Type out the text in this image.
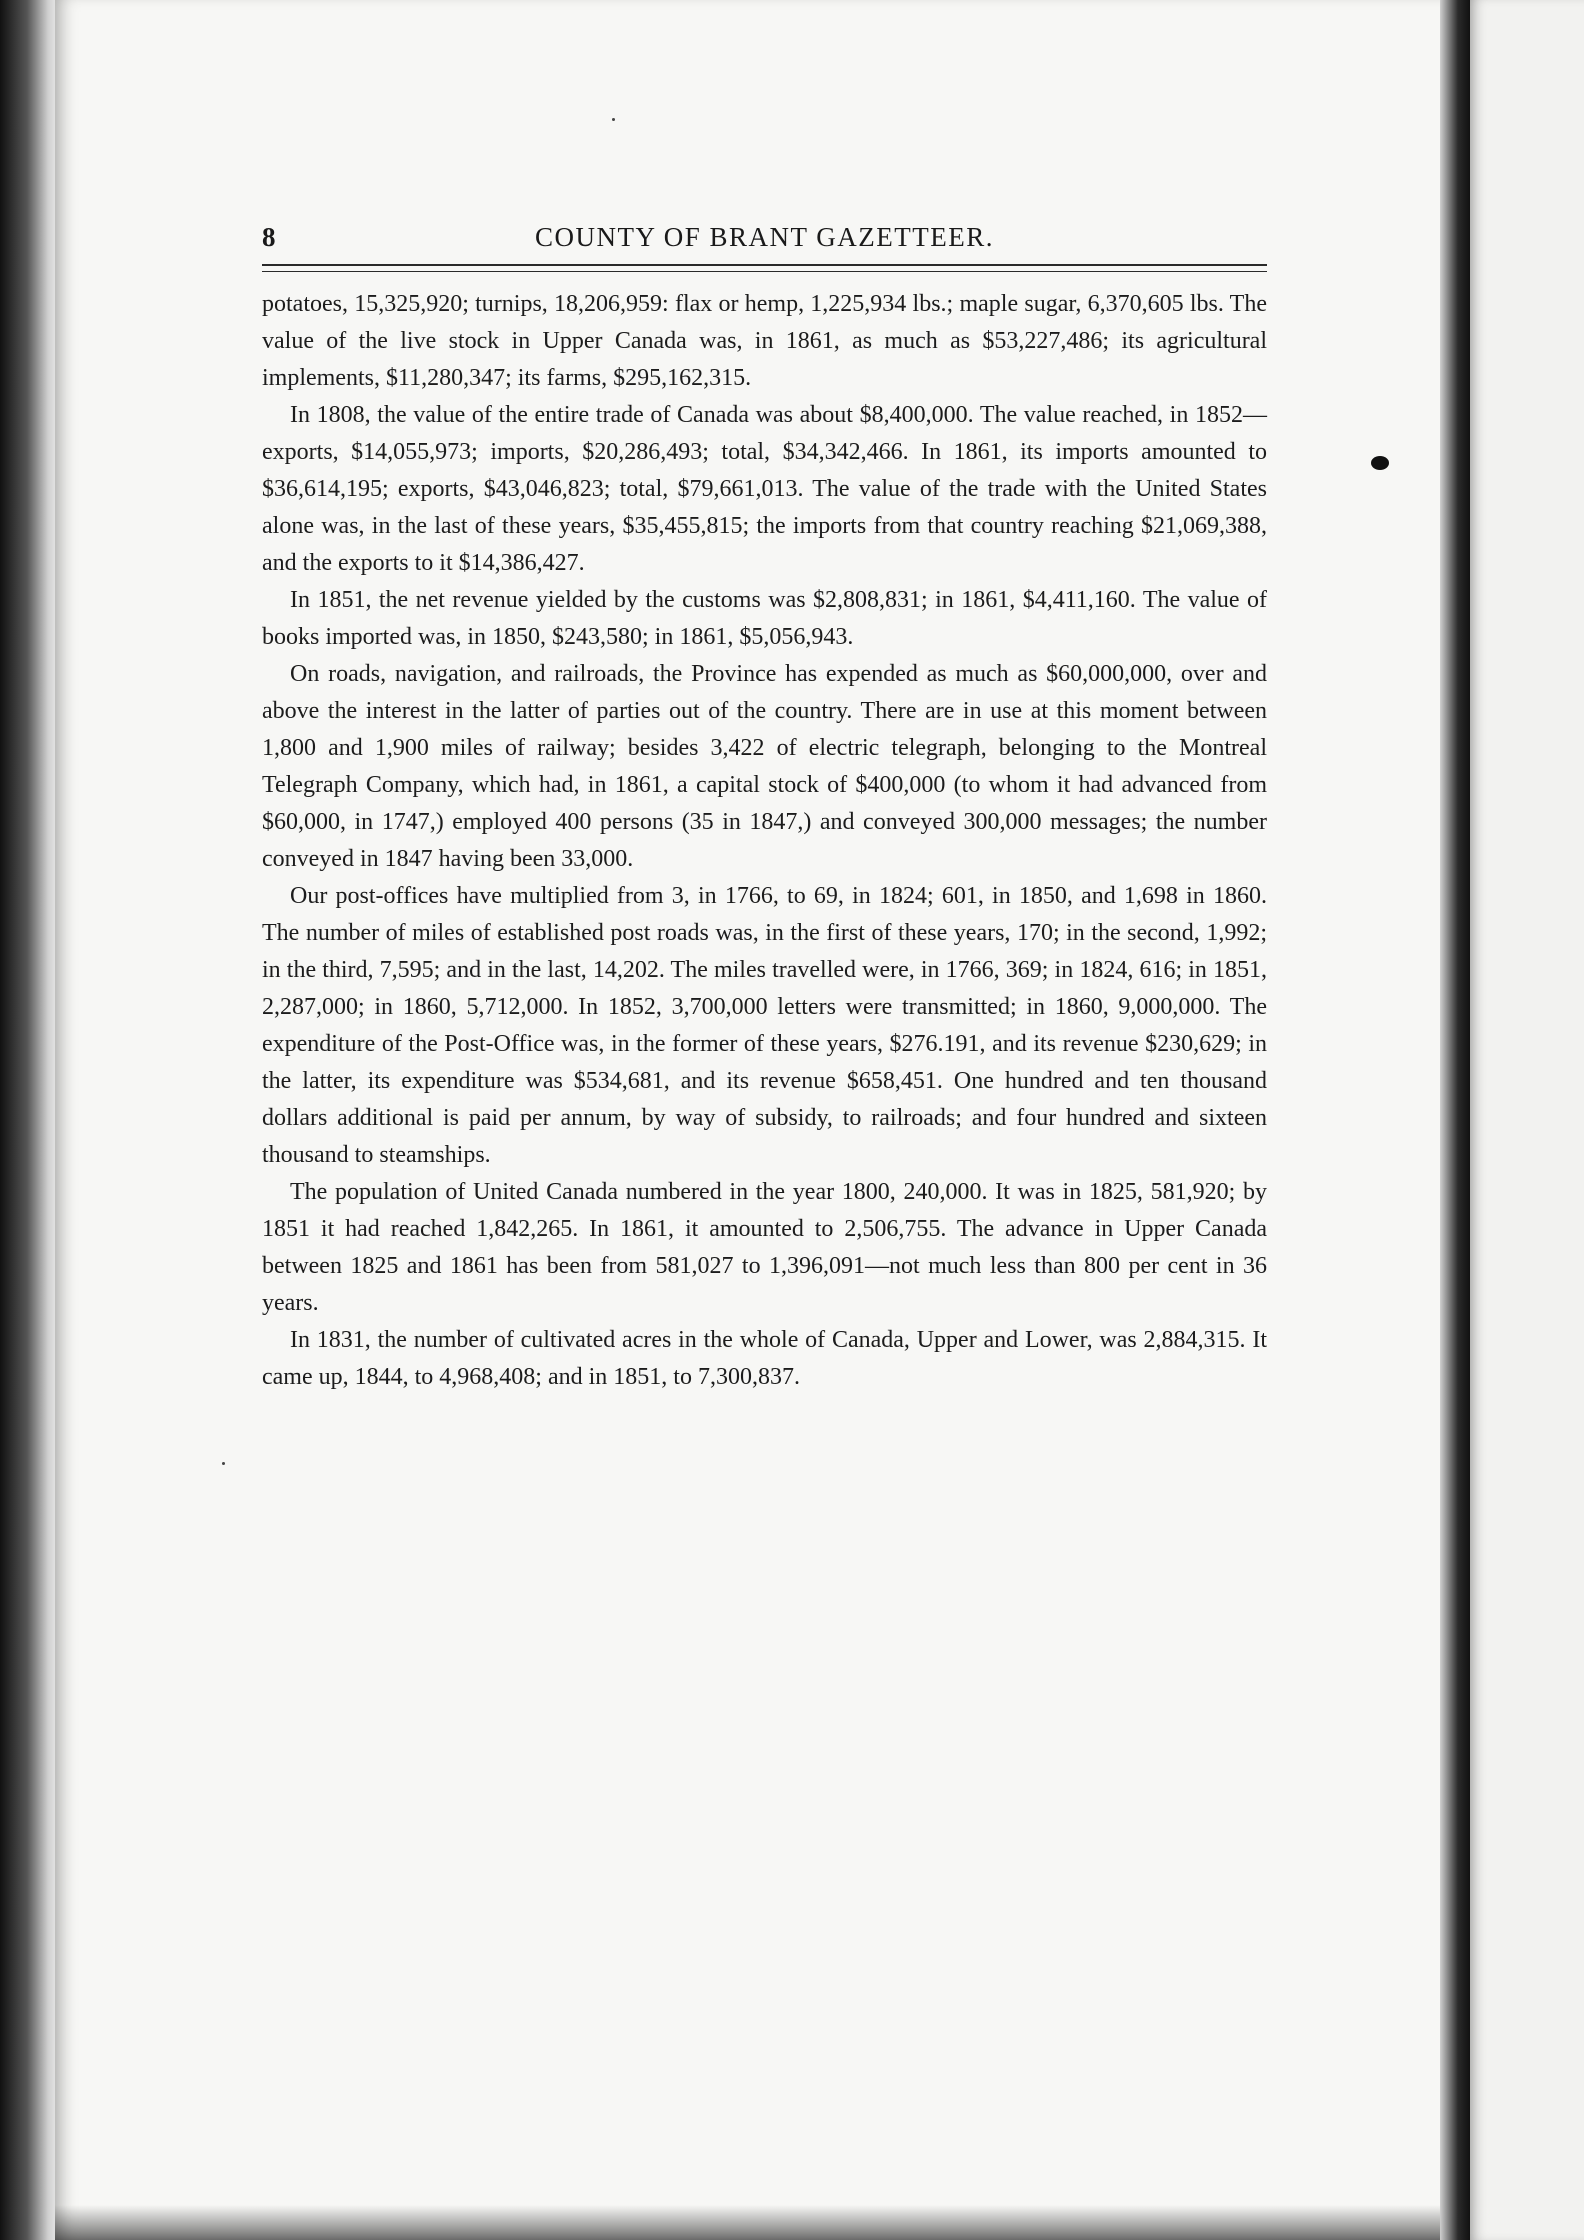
8	COUNTY OF BRANT GAZETTEER.

potatoes, 15,325,920; turnips, 18,206,959: flax or hemp, 1,225,934 lbs.; maple sugar, 6,370,605 lbs. The value of the live stock in Upper Canada was, in 1861, as much as $53,227,486; its agricultural implements, $11,280,347; its farms, $295,162,315.

In 1808, the value of the entire trade of Canada was about $8,400,000. The value reached, in 1852—exports, $14,055,973; imports, $20,286,493; total, $34,342,466. In 1861, its imports amounted to $36,614,195; exports, $43,046,823; total, $79,661,013. The value of the trade with the United States alone was, in the last of these years, $35,455,815; the imports from that country reaching $21,069,388, and the exports to it $14,386,427.

In 1851, the net revenue yielded by the customs was $2,808,831; in 1861, $4,411,160. The value of books imported was, in 1850, $243,580; in 1861, $5,056,943.

On roads, navigation, and railroads, the Province has expended as much as $60,000,000, over and above the interest in the latter of parties out of the country. There are in use at this moment between 1,800 and 1,900 miles of railway; besides 3,422 of electric telegraph, belonging to the Montreal Telegraph Company, which had, in 1861, a capital stock of $400,000 (to whom it had advanced from $60,000, in 1747,) employed 400 persons (35 in 1847,) and conveyed 300,000 messages; the number conveyed in 1847 having been 33,000.

Our post-offices have multiplied from 3, in 1766, to 69, in 1824; 601, in 1850, and 1,698 in 1860. The number of miles of established post roads was, in the first of these years, 170; in the second, 1,992; in the third, 7,595; and in the last, 14,202. The miles travelled were, in 1766, 369; in 1824, 616; in 1851, 2,287,000; in 1860, 5,712,000. In 1852, 3,700,000 letters were transmitted; in 1860, 9,000,000. The expenditure of the Post-Office was, in the former of these years, $276.191, and its revenue $230,629; in the latter, its expenditure was $534,681, and its revenue $658,451. One hundred and ten thousand dollars additional is paid per annum, by way of subsidy, to railroads; and four hundred and sixteen thousand to steamships.

The population of United Canada numbered in the year 1800, 240,000. It was in 1825, 581,920; by 1851 it had reached 1,842,265. In 1861, it amounted to 2,506,755. The advance in Upper Canada between 1825 and 1861 has been from 581,027 to 1,396,091—not much less than 800 per cent in 36 years.

In 1831, the number of cultivated acres in the whole of Canada, Upper and Lower, was 2,884,315. It came up, 1844, to 4,968,408; and in 1851, to 7,300,837.
